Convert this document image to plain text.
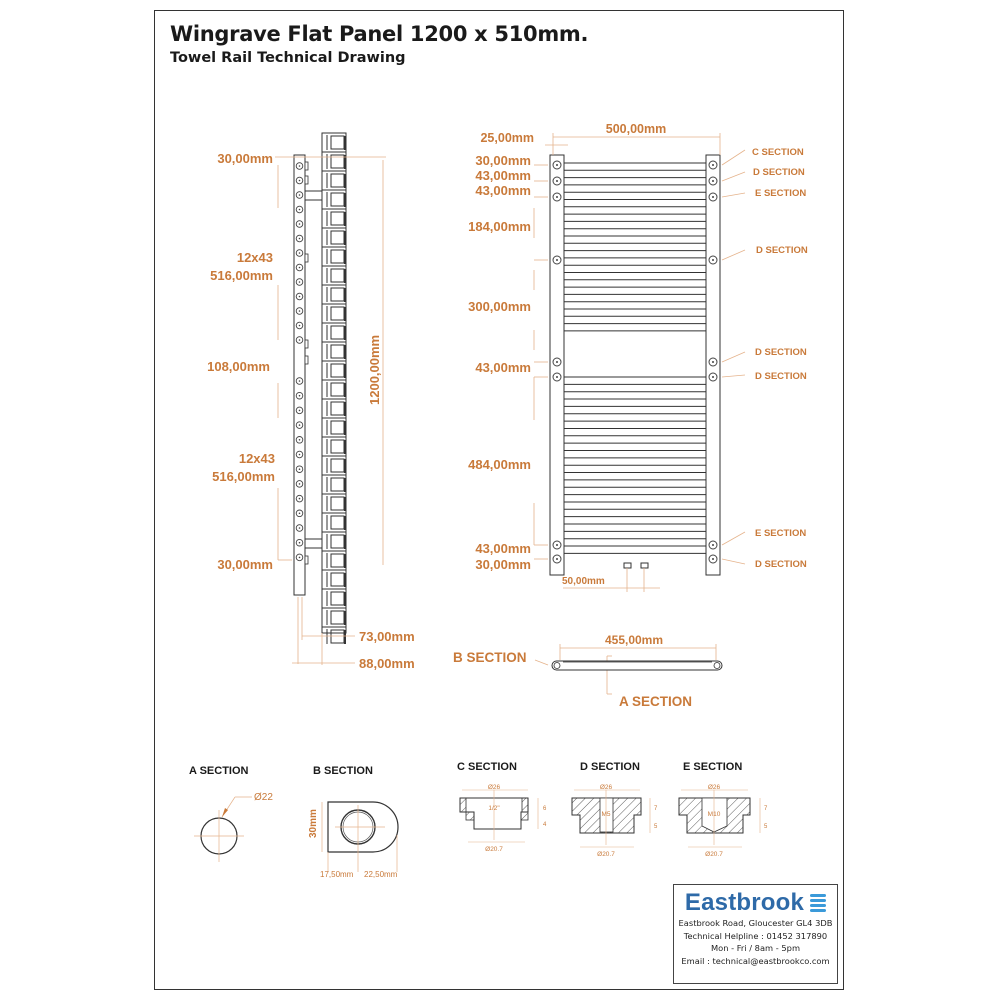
Wingrave Flat Panel 1200 x 510mm.
Towel Rail Technical Drawing
30,00mm
12x43
516,00mm
108,00mm
12x43
516,00mm
30,00mm
1200,00mm
73,00mm
88,00mm
25,00mm
500,00mm
30,00mm
43,00mm
43,00mm
184,00mm
300,00mm
43,00mm
484,00mm
43,00mm
30,00mm
50,00mm
C SECTION
D SECTION
E SECTION
D SECTION
D SECTION
D SECTION
E SECTION
D SECTION
455,00mm
B SECTION
A SECTION
A SECTION
Ø22
B SECTION
30mm
17,50mm 22,50mm
C SECTION
Ø26
1/2"
Ø20.7
6
4
D SECTION
Ø26
M5
Ø20.7
7
5
E SECTION
Ø26
M10
Ø20.7
7
5
Eastbrook
Eastbrook Road, Gloucester GL4 3DB
Technical Helpline : 01452 317890
Mon - Fri / 8am - 5pm
Email : technical@eastbrookco.com
